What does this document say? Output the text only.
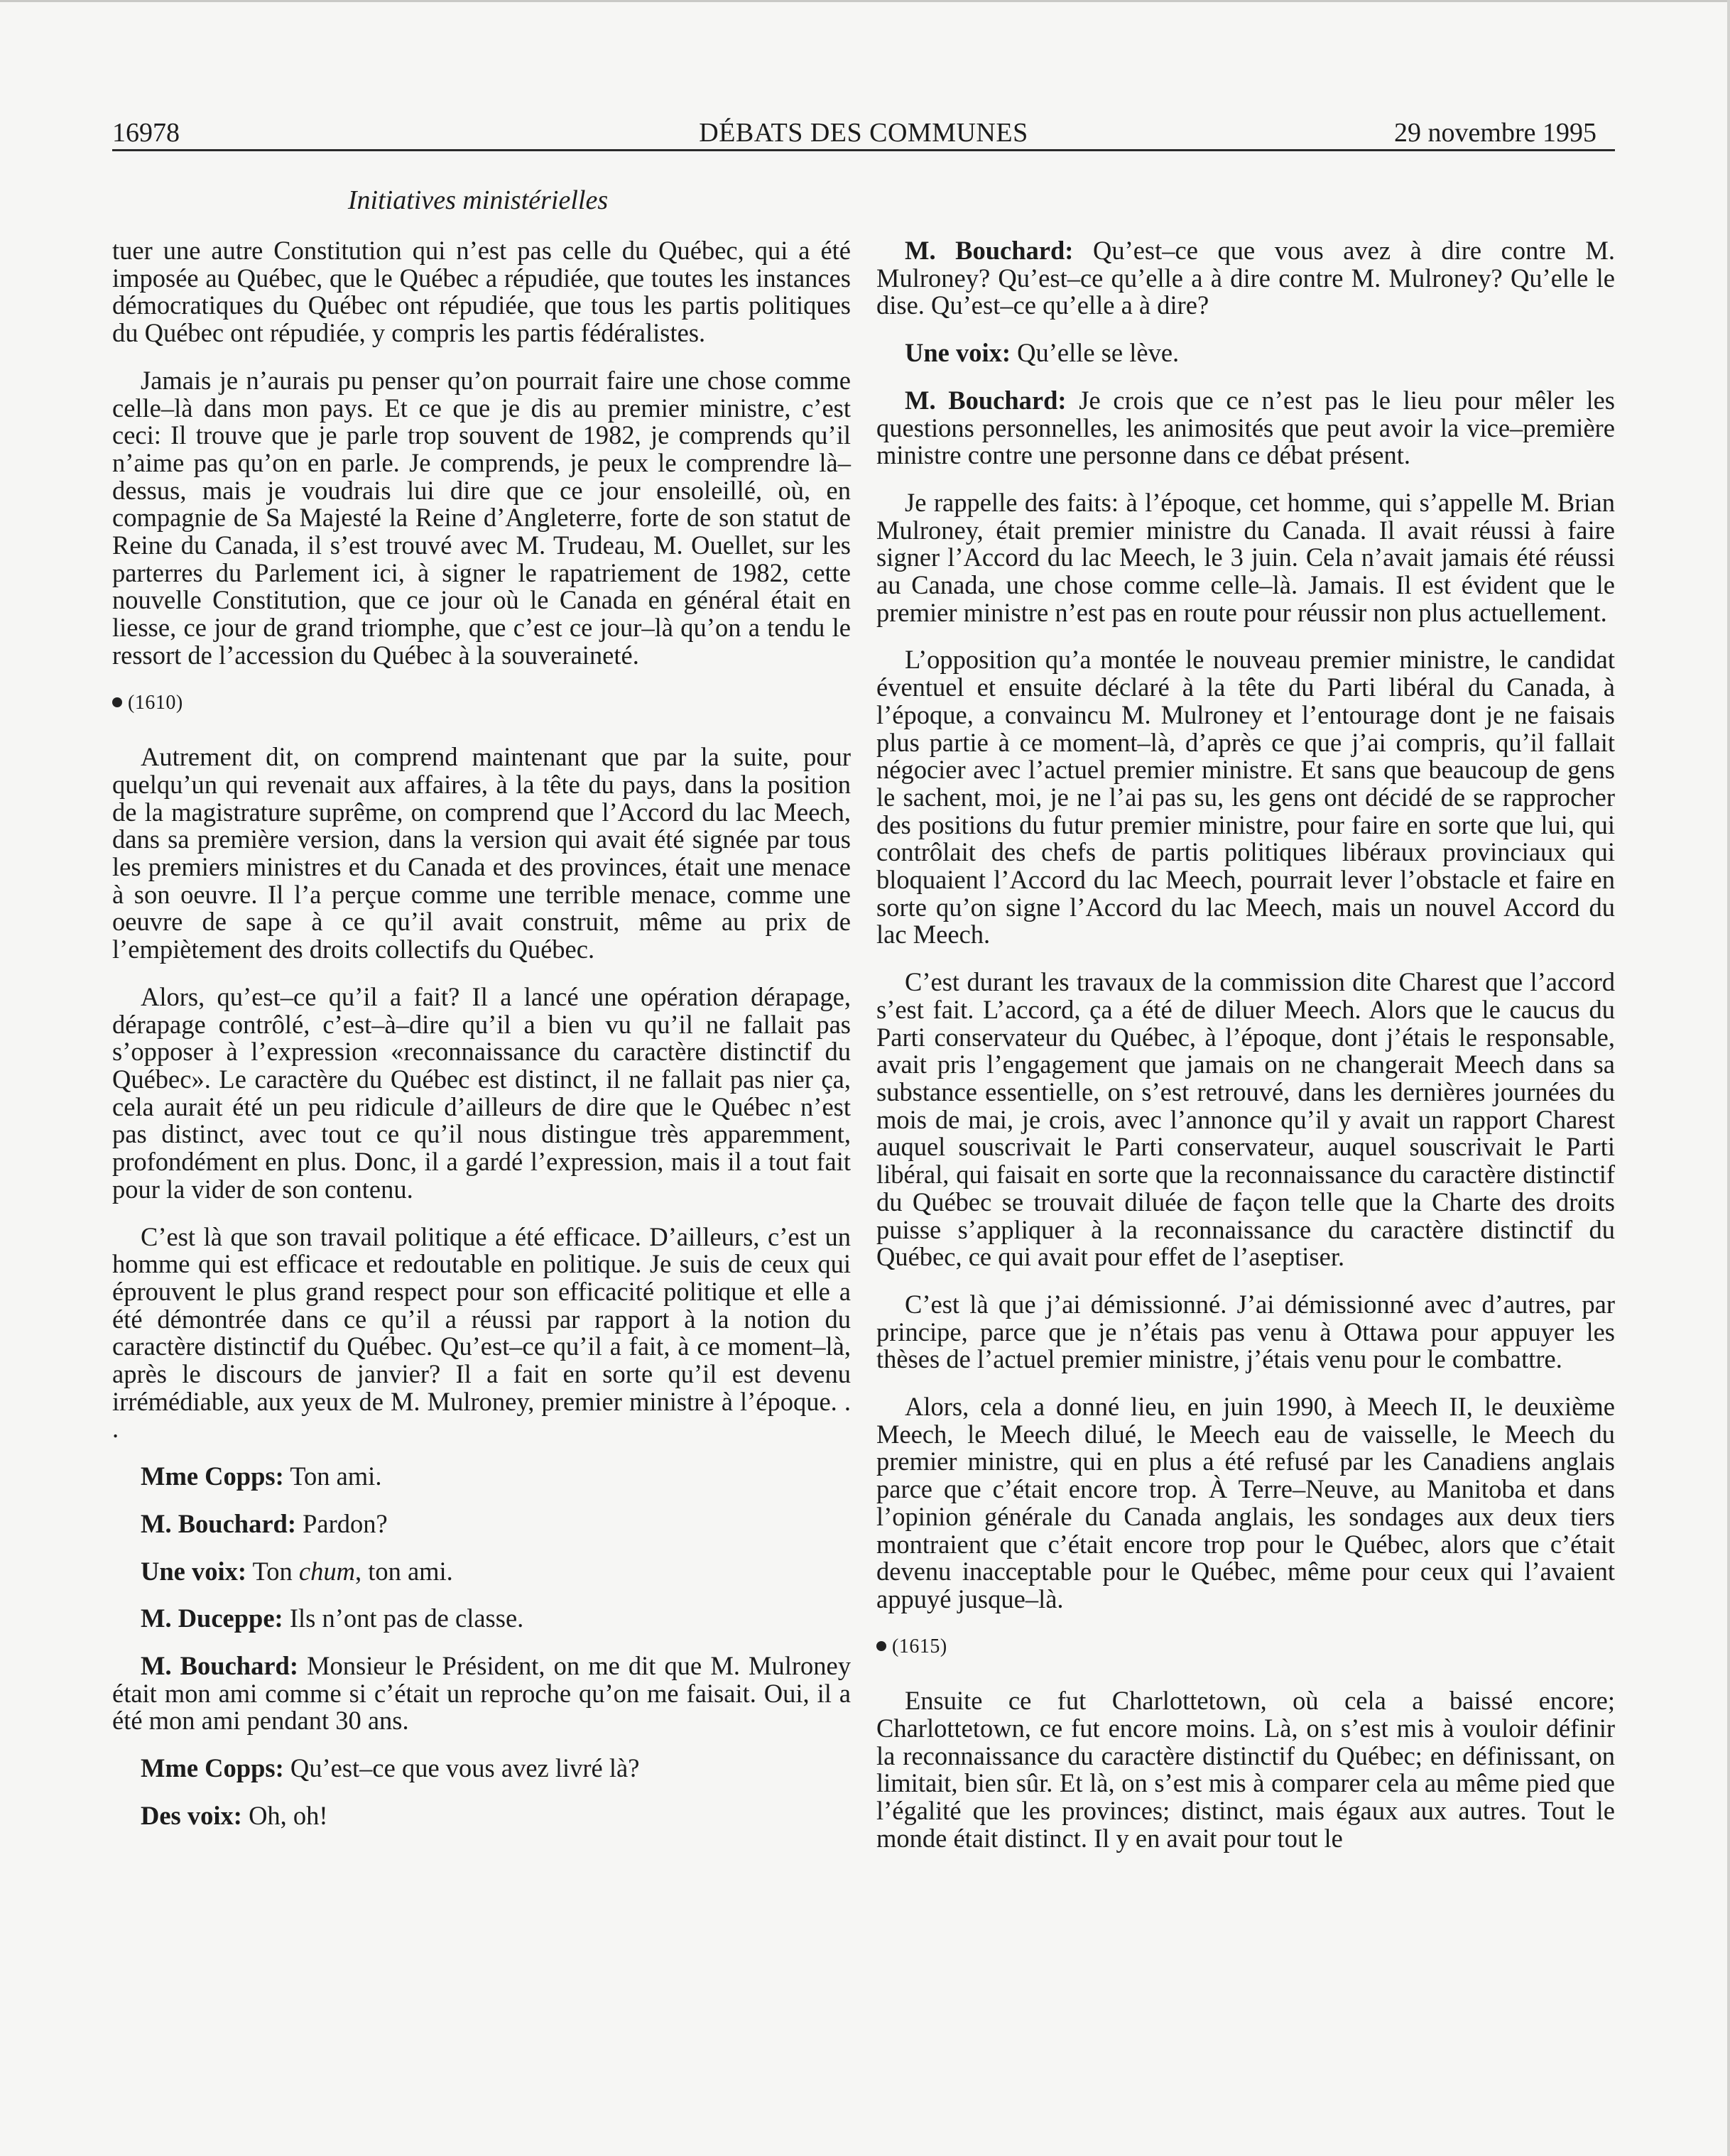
16978	DÉBATS DES COMMUNES	29 novembre 1995
Initiatives ministérielles

tuer une autre Constitution qui n’est pas celle du Québec, qui a été imposée au Québec, que le Québec a répudiée, que toutes les instances démocratiques du Québec ont répudiée, que tous les partis politiques du Québec ont répudiée, y compris les partis fédéralistes.

Jamais je n’aurais pu penser qu’on pourrait faire une chose comme celle–là dans mon pays. Et ce que je dis au premier ministre, c’est ceci: Il trouve que je parle trop souvent de 1982, je comprends qu’il n’aime pas qu’on en parle. Je comprends, je peux le comprendre là–dessus, mais je voudrais lui dire que ce jour ensoleillé, où, en compagnie de Sa Majesté la Reine d’Angleterre, forte de son statut de Reine du Canada, il s’est trouvé avec M. Trudeau, M. Ouellet, sur les parterres du Parlement ici, à signer le rapatriement de 1982, cette nouvelle Constitution, que ce jour où le Canada en général était en liesse, ce jour de grand triomphe, que c’est ce jour–là qu’on a tendu le ressort de l’accession du Québec à la souveraineté.

(1610)

Autrement dit, on comprend maintenant que par la suite, pour quelqu’un qui revenait aux affaires, à la tête du pays, dans la position de la magistrature suprême, on comprend que l’Accord du lac Meech, dans sa première version, dans la version qui avait été signée par tous les premiers ministres et du Canada et des provinces, était une menace à son oeuvre. Il l’a perçue comme une terrible menace, comme une oeuvre de sape à ce qu’il avait construit, même au prix de l’empiètement des droits collectifs du Québec.

Alors, qu’est–ce qu’il a fait? Il a lancé une opération dérapage, dérapage contrôlé, c’est–à–dire qu’il a bien vu qu’il ne fallait pas s’opposer à l’expression «reconnaissance du caractère distinctif du Québec». Le caractère du Québec est distinct, il ne fallait pas nier ça, cela aurait été un peu ridicule d’ailleurs de dire que le Québec n’est pas distinct, avec tout ce qu’il nous distingue très apparemment, profondément en plus. Donc, il a gardé l’expression, mais il a tout fait pour la vider de son contenu.

C’est là que son travail politique a été efficace. D’ailleurs, c’est un homme qui est efficace et redoutable en politique. Je suis de ceux qui éprouvent le plus grand respect pour son efficacité politique et elle a été démontrée dans ce qu’il a réussi par rapport à la notion du caractère distinctif du Québec. Qu’est–ce qu’il a fait, à ce moment–là, après le discours de janvier? Il a fait en sorte qu’il est devenu irrémédiable, aux yeux de M. Mulroney, premier ministre à l’époque. . .

Mme Copps: Ton ami.

M. Bouchard: Pardon?

Une voix: Ton chum, ton ami.

M. Duceppe: Ils n’ont pas de classe.

M. Bouchard: Monsieur le Président, on me dit que M. Mulroney était mon ami comme si c’était un reproche qu’on me faisait. Oui, il a été mon ami pendant 30 ans.

Mme Copps: Qu’est–ce que vous avez livré là?

Des voix: Oh, oh!

M. Bouchard: Qu’est–ce que vous avez à dire contre M. Mulroney? Qu’est–ce qu’elle a à dire contre M. Mulroney? Qu’elle le dise. Qu’est–ce qu’elle a à dire?

Une voix: Qu’elle se lève.

M. Bouchard: Je crois que ce n’est pas le lieu pour mêler les questions personnelles, les animosités que peut avoir la vice–première ministre contre une personne dans ce débat présent.

Je rappelle des faits: à l’époque, cet homme, qui s’appelle M. Brian Mulroney, était premier ministre du Canada. Il avait réussi à faire signer l’Accord du lac Meech, le 3 juin. Cela n’avait jamais été réussi au Canada, une chose comme celle–là. Jamais. Il est évident que le premier ministre n’est pas en route pour réussir non plus actuellement.

L’opposition qu’a montée le nouveau premier ministre, le candidat éventuel et ensuite déclaré à la tête du Parti libéral du Canada, à l’époque, a convaincu M. Mulroney et l’entourage dont je ne faisais plus partie à ce moment–là, d’après ce que j’ai compris, qu’il fallait négocier avec l’actuel premier ministre. Et sans que beaucoup de gens le sachent, moi, je ne l’ai pas su, les gens ont décidé de se rapprocher des positions du futur premier ministre, pour faire en sorte que lui, qui contrôlait des chefs de partis politiques libéraux provinciaux qui bloquaient l’Accord du lac Meech, pourrait lever l’obstacle et faire en sorte qu’on signe l’Accord du lac Meech, mais un nouvel Accord du lac Meech.

C’est durant les travaux de la commission dite Charest que l’accord s’est fait. L’accord, ça a été de diluer Meech. Alors que le caucus du Parti conservateur du Québec, à l’époque, dont j’étais le responsable, avait pris l’engagement que jamais on ne changerait Meech dans sa substance essentielle, on s’est retrouvé, dans les dernières journées du mois de mai, je crois, avec l’annonce qu’il y avait un rapport Charest auquel souscrivait le Parti conservateur, auquel souscrivait le Parti libéral, qui faisait en sorte que la reconnaissance du caractère distinctif du Québec se trouvait diluée de façon telle que la Charte des droits puisse s’appliquer à la reconnaissance du caractère distinctif du Québec, ce qui avait pour effet de l’aseptiser.

C’est là que j’ai démissionné. J’ai démissionné avec d’autres, par principe, parce que je n’étais pas venu à Ottawa pour appuyer les thèses de l’actuel premier ministre, j’étais venu pour le combattre.

Alors, cela a donné lieu, en juin 1990, à Meech II, le deuxième Meech, le Meech dilué, le Meech eau de vaisselle, le Meech du premier ministre, qui en plus a été refusé par les Canadiens anglais parce que c’était encore trop. À Terre–Neuve, au Manitoba et dans l’opinion générale du Canada anglais, les sondages aux deux tiers montraient que c’était encore trop pour le Québec, alors que c’était devenu inacceptable pour le Québec, même pour ceux qui l’avaient appuyé jusque–là.

(1615)

Ensuite ce fut Charlottetown, où cela a baissé encore; Charlottetown, ce fut encore moins. Là, on s’est mis à vouloir définir la reconnaissance du caractère distinctif du Québec; en définissant, on limitait, bien sûr. Et là, on s’est mis à comparer cela au même pied que l’égalité que les provinces; distinct, mais égaux aux autres. Tout le monde était distinct. Il y en avait pour tout le
